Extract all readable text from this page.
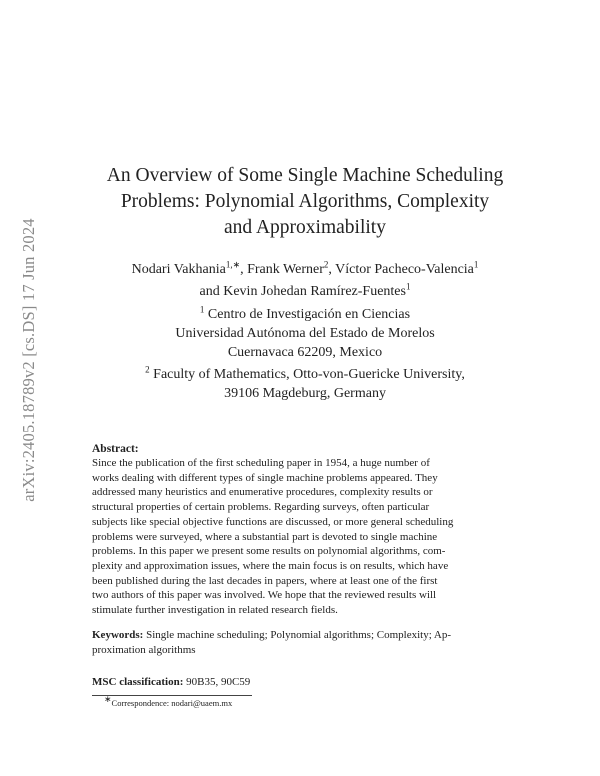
arXiv:2405.18789v2 [cs.DS] 17 Jun 2024
An Overview of Some Single Machine Scheduling
Problems: Polynomial Algorithms, Complexity
and Approximability
Nodari Vakhania$^{1,∗}$, Frank Werner$^2$, Víctor Pacheco-Valencia$^1$
and Kevin Johedan Ramírez-Fuentes$^1$
$^1$ Centro de Investigación en Ciencias
Universidad Autónoma del Estado de Morelos
Cuernavaca 62209, Mexico
$^2$ Faculty of Mathematics, Otto-von-Guericke University,
39106 Magdeburg, Germany
Abstract:
Since the publication of the first scheduling paper in 1954, a huge number of
works dealing with different types of single machine problems appeared. They
addressed many heuristics and enumerative procedures, complexity results or
structural properties of certain problems. Regarding surveys, often particular
subjects like special objective functions are discussed, or more general scheduling
problems were surveyed, where a substantial part is devoted to single machine
problems. In this paper we present some results on polynomial algorithms, com-
plexity and approximation issues, where the main focus is on results, which have
been published during the last decades in papers, where at least one of the first
two authors of this paper was involved. We hope that the reviewed results will
stimulate further investigation in related research fields.
Keywords: Single machine scheduling; Polynomial algorithms; Complexity; Ap-
proximation algorithms
MSC classification: 90B35, 90C59
∗Correspondence: nodari@uaem.mx
